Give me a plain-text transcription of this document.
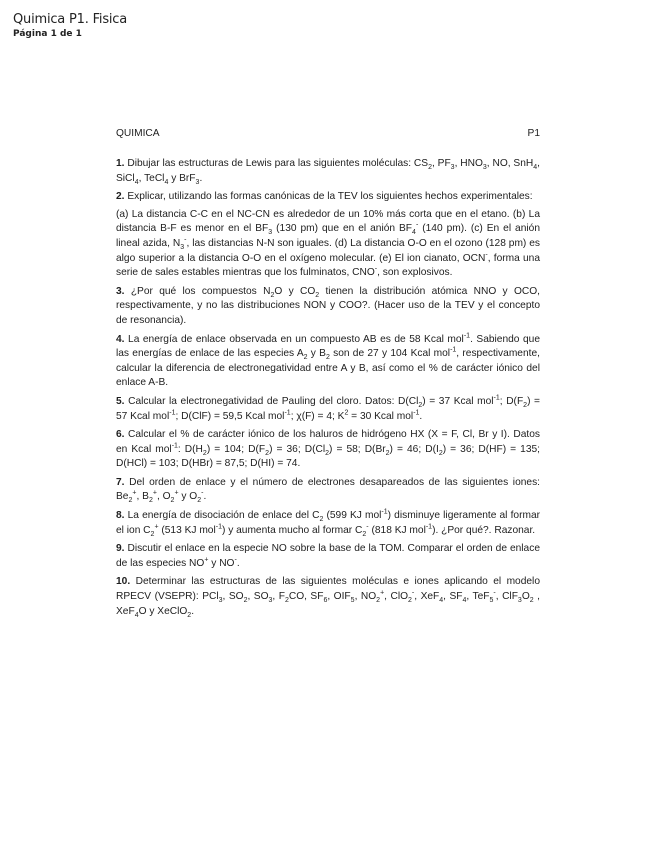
Quimica P1. Fisica
Página 1 de 1
QUIMICA	P1

1. Dibujar las estructuras de Lewis para las siguientes moléculas: $CS_2$, $PF_3$, $HNO_3$, NO, SnH$_4$, SiCl$_4$, TeCl$_4$ y BrF$_3$.

2. Explicar, utilizando las formas canónicas de la TEV los siguientes hechos experimentales:

(a) La distancia C-C en el NC-CN es alrededor de un 10% más corta que en el etano. (b) La distancia B-F es menor en el $BF_3$ (130 pm) que en el anión $BF_4^-$ (140 pm). (c) En el anión lineal azida, $N_3^-$, las distancias N-N son iguales. (d) La distancia O-O en el ozono (128 pm) es algo superior a la distancia O-O en el oxígeno molecular. (e) El ion cianato, OCN-, forma una serie de sales estables mientras que los fulminatos, CNO-, son explosivos.

3. ¿Por qué los compuestos $N_2O$ y $CO_2$ tienen la distribución atómica NNO y OCO, respectivamente, y no las distribuciones NON y COO?. (Hacer uso de la TEV y el concepto de resonancia).

4. La energía de enlace observada en un compuesto AB es de 58 Kcal mol$^{-1}$. Sabiendo que las energías de enlace de las especies $A_2$ y $B_2$ son de 27 y 104 Kcal mol$^{-1}$, respectivamente, calcular la diferencia de electronegatividad entre A y B, así como el % de carácter iónico del enlace A-B.

5. Calcular la electronegatividad de Pauling del cloro. Datos: $D(Cl_2) = 37$ Kcal mol$^{-1}$; $D(F_2) = 57$ Kcal mol$^{-1}$; D(ClF) = 59,5 Kcal mol$^{-1}$; χ(F) = 4; $K^2 = 30$ Kcal mol$^{-1}$.

6. Calcular el % de carácter iónico de los haluros de hidrógeno HX (X = F, Cl, Br y I). Datos en Kcal mol$^{-1}$: $D(H_2) = 104$; $D(F_2) = 36$; $D(Cl_2) = 58$; $D(Br_2) = 46$; $D(I_2) = 36$; D(HF) = 135; D(HCl) = 103; D(HBr) = 87,5; D(HI) = 74.

7. Del orden de enlace y el número de electrones desapareados de las siguientes iones: $Be_2^+$, $B_2^+$, $O_2^+$ y $O_2^-$.

8. La energía de disociación de enlace del $C_2$ (599 KJ mol$^{-1}$) disminuye ligeramente al formar el ion $C_2^+$ (513 KJ mol$^{-1}$) y aumenta mucho al formar $C_2^-$ (818 KJ mol$^{-1}$). ¿Por qué?. Razonar.

9. Discutir el enlace en la especie NO sobre la base de la TOM. Comparar el orden de enlace de las especies NO+ y NO-.

10. Determinar las estructuras de las siguientes moléculas e iones aplicando el modelo RPECV (VSEPR): PCl$_3$, $SO_2$, $SO_3$, $F_2CO$, $SF_6$, $OIF_5$, $NO_2^+$, ClO$_2$-, XeF$_4$, $SF_4$, TeF$_5$-, $ClF_3O_2$ , XeF$_4$O y XeClO$_2$.
